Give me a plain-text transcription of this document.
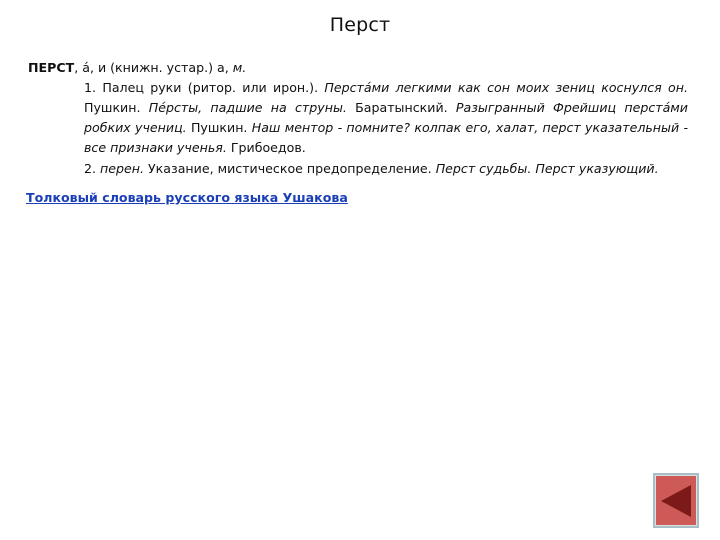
Перст

ПЕРСТ, á, и (книжн. устар.) а, м.

1. Палец руки (ритор. или ирон.). Перстáми легкими как сон моих зениц коснулся он. Пушкин. Пéрсты, падшие на струны. Баратынский. Разыгранный Фрейшиц перстáми робких учениц. Пушкин. Наш ментор - помните? колпак его, халат, перст указательный - все признаки ученья. Грибоедов.

2. перен. Указание, мистическое предопределение. Перст судьбы. Перст указующий.

Толковый словарь русского языка Ушакова
